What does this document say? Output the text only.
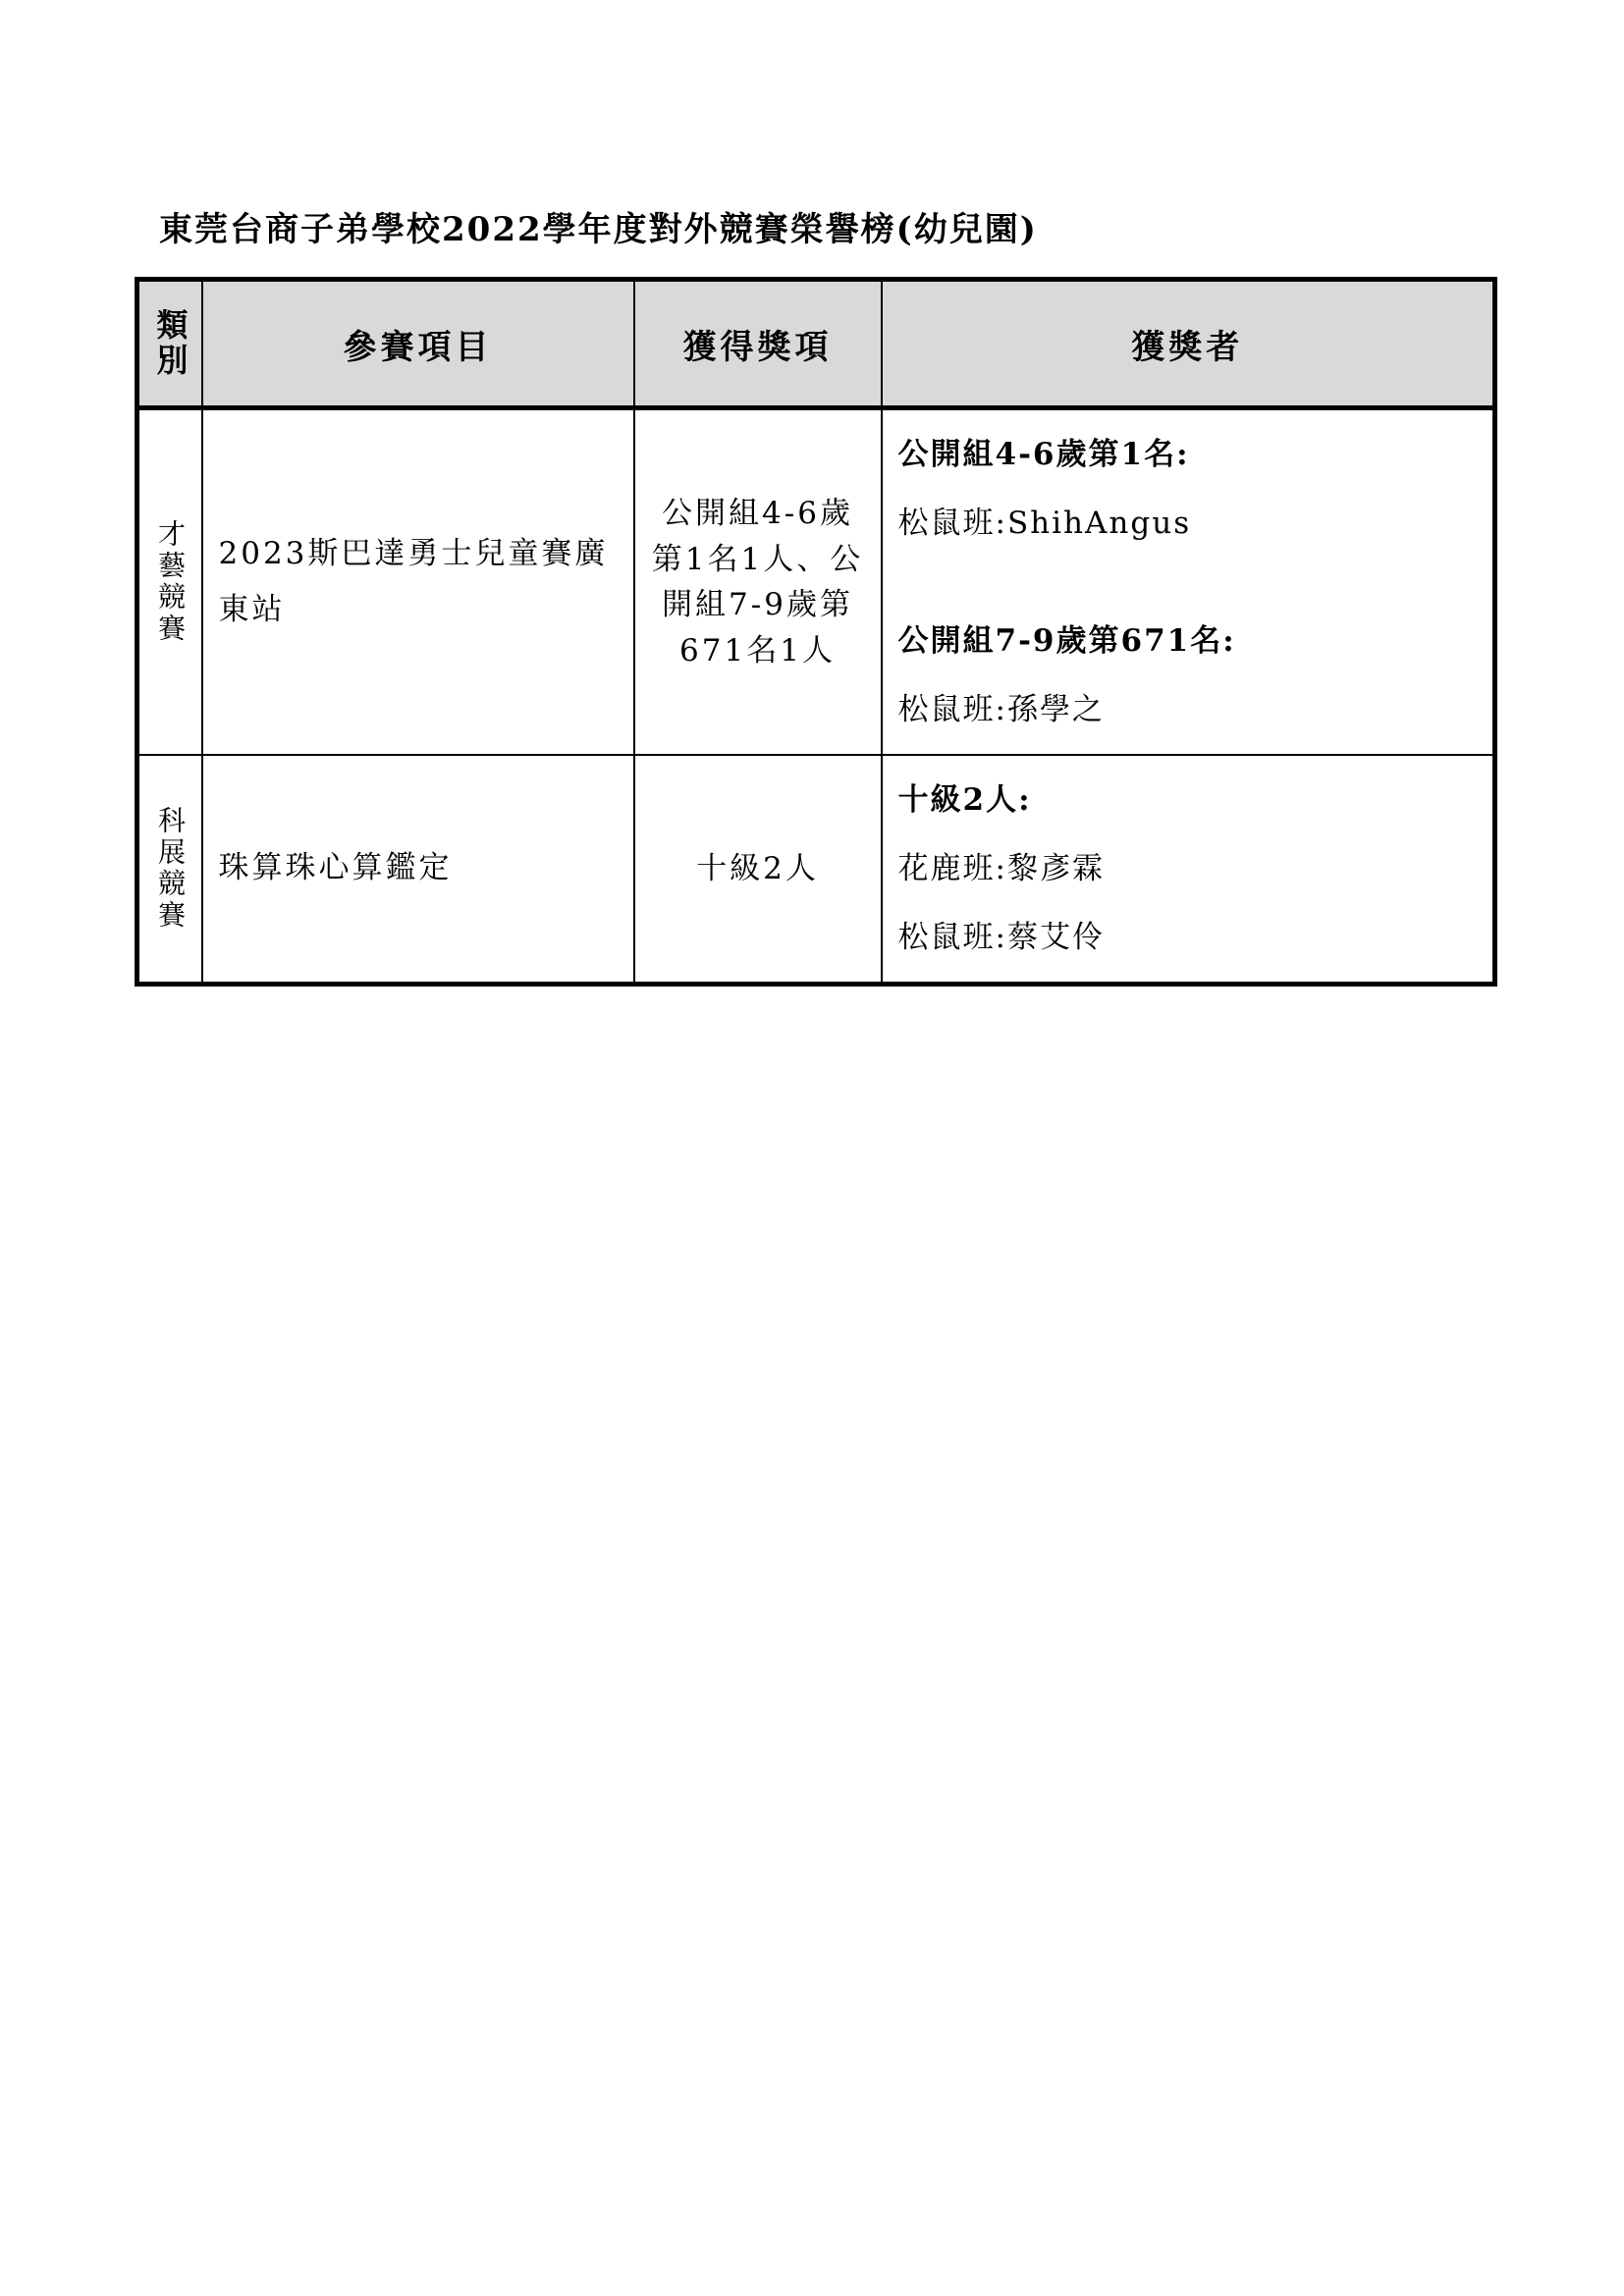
東莞台商子弟學校2022學年度對外競賽榮譽榜(幼兒園)
類別	參賽項目	獲得獎項	獲獎者

才藝競賽	2023斯巴達勇士兒童賽廣東站	公開組4-6歲第1名1人、公開組7-9歲第671名1人	公開組4-6歲第1名:
松鼠班:ShihAngus
公開組7-9歲第671名:
松鼠班:孫學之

科展競賽	珠算珠心算鑑定	十級2人	十級2人:
花鹿班:黎彥霖
松鼠班:蔡艾伶
